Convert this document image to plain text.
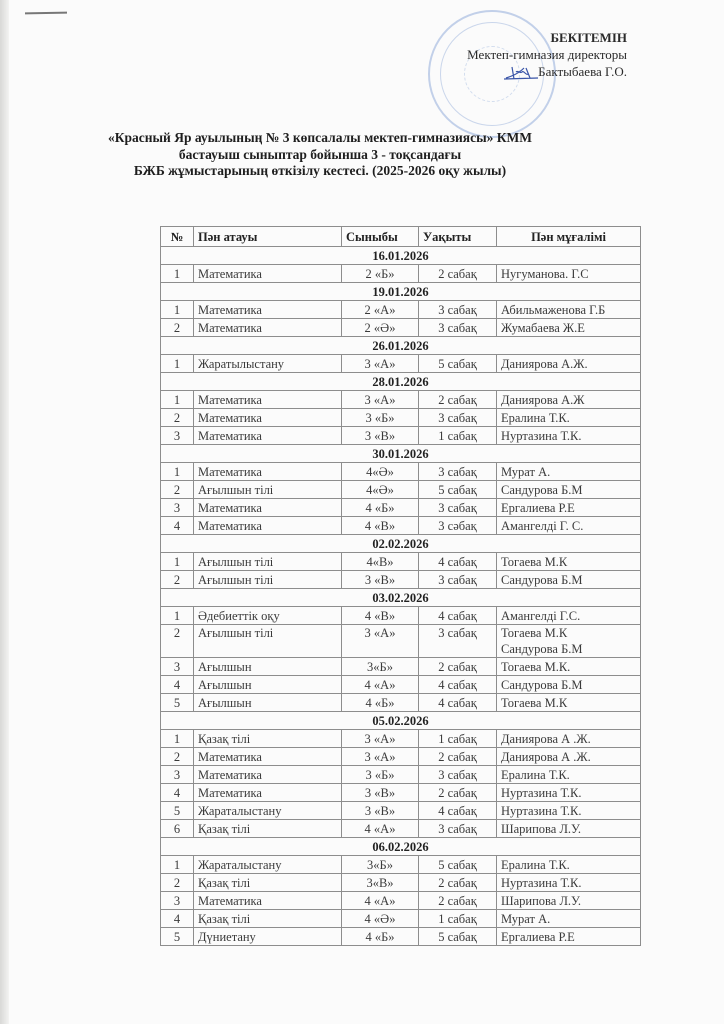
БЕКІТЕМІН
Мектеп-гимназия директоры
Бактыбаева Г.О.
«Красный Яр ауылының № 3 көпсалалы мектеп-гимназиясы» КММ
бастауыш сыныптар бойынша 3 - тоқсандағы
БЖБ жұмыстарының өткізілу кестесі. (2025-2026 оқу жылы)
№	Пән атауы	Сыныбы	Уақыты	Пән мұғалімі
16.01.2026				
1	Математика	2 «Б»	2 сабақ	Нугуманова. Г.С
19.01.2026				
1	Математика	2 «А»	3 сабақ	Абильмаженова Г.Б
2	Математика	2 «Ә»	3 сабақ	Жумабаева Ж.Е
26.01.2026				
1	Жаратылыстану	3 «А»	5 сабақ	Даниярова А.Ж.
28.01.2026				
1	Математика	3 «А»	2 сабақ	Даниярова А.Ж
2	Математика	3 «Б»	3 сабақ	Ералина Т.К.
3	Математика	3 «В»	1 сабақ	Нуртазина Т.К.
30.01.2026				
1	Математика	4«Ә»	3 сабақ	Мурат А.
2	Ағылшын тілі	4«Ә»	5 сабақ	Сандурова Б.М
3	Математика	4 «Б»	3 сабақ	Ергалиева Р.Е
4	Математика	4 «В»	3 сәбақ	Амангелді Г. С.
02.02.2026				
1	Ағылшын тілі	4«В»	4 сабақ	Тогаева М.К
2	Ағылшын тілі	3 «В»	3 сабақ	Сандурова Б.М
03.02.2026				
1	Әдебиеттік оқу	4 «В»	4 сабақ	Амангелді Г.С.
2	Ағылшын тілі	3 «А»	3 сабақ	Тогаева М.К
Сандурова Б.М

3	Ағылшын	3«Б»	2 сабақ	Тогаева М.К.
4	Ағылшын	4 «А»	4 сабақ	Сандурова Б.М
5	Ағылшын	4 «Б»	4 сабақ	Тогаева М.К
05.02.2026				
1	Қазақ тілі	3 «А»	1 сабақ	Даниярова А .Ж.
2	Математика	3 «А»	2 сабақ	Даниярова А .Ж.
3	Математика	3 «Б»	3 сабақ	Ералина Т.К.
4	Математика	3 «В»	2 сабақ	Нуртазина Т.К.
5	Жараталыстану	3 «В»	4 сабақ	Нуртазина Т.К.
6	Қазақ тілі	4 «А»	3 сабақ	Шарипова Л.У.
06.02.2026				
1	Жараталыстану	3«Б»	5 сабақ	Ералина Т.К.
2	Қазақ тілі	3«В»	2 сабақ	Нуртазина Т.К.
3	Математика	4 «А»	2 сабақ	Шарипова Л.У.
4	Қазақ тілі	4 «Ә»	1 сабақ	Мурат А.
5	Дүниетану	4 «Б»	5 сабақ	Ергалиева Р.Е
